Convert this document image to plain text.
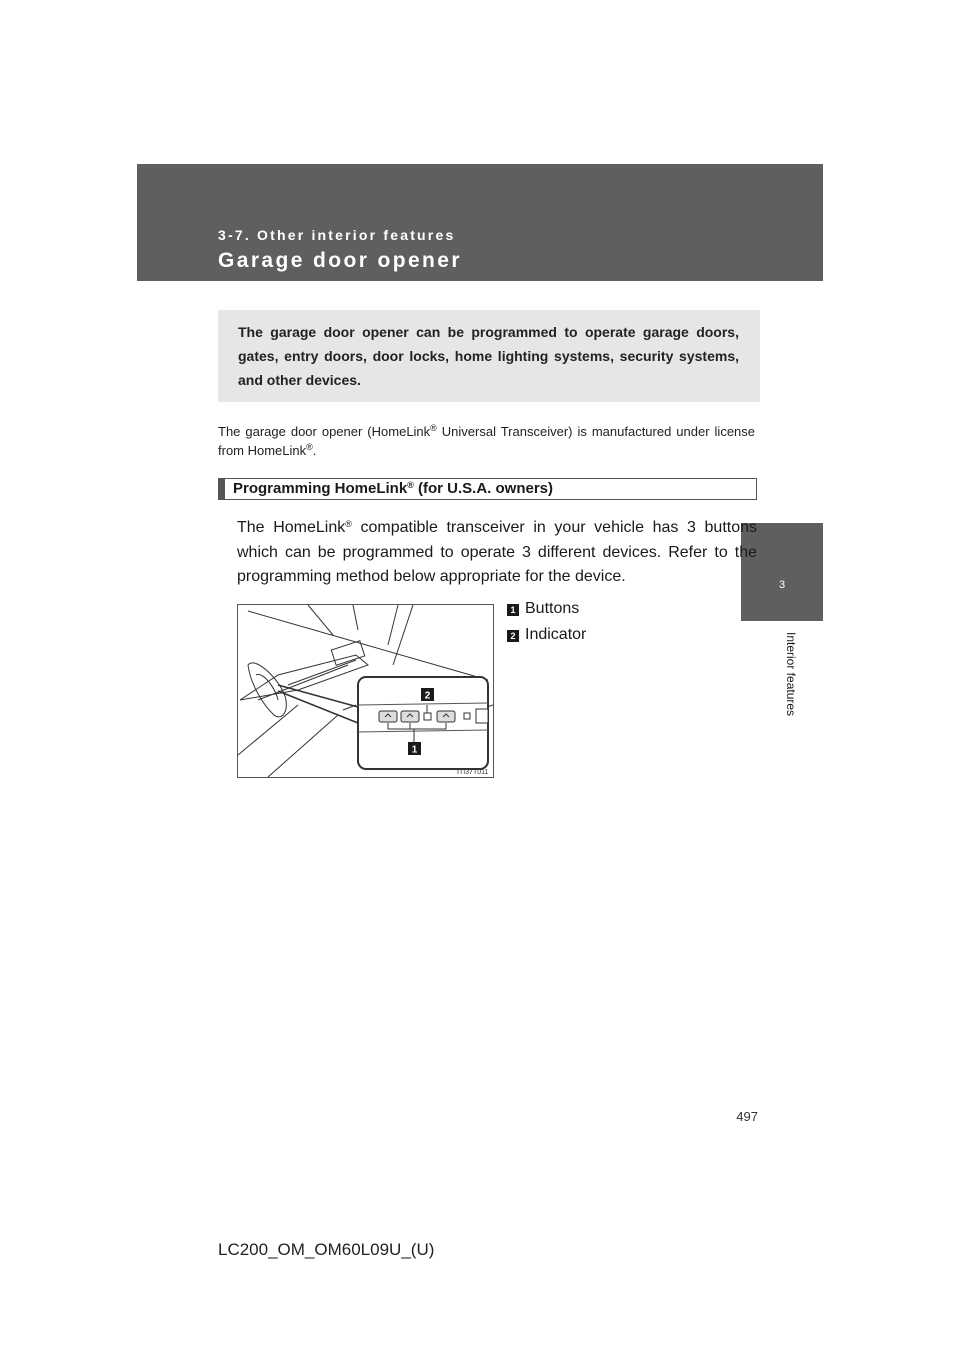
3-7. Other interior features
Garage door opener
3
Interior features
The garage door opener can be programmed to operate garage doors, gates, entry doors, door locks, home lighting systems, security systems, and other devices.
The garage door opener (HomeLink® Universal Transceiver) is manufactured under license from HomeLink®.
Programming HomeLink® (for U.S.A. owners)
The HomeLink® compatible transceiver in your vehicle has 3 buttons which can be programmed to operate 3 different devices. Refer to the programming method below appropriate for the device.
2
1
ITI37T011
1 Buttons
2 Indicator
497
LC200_OM_OM60L09U_(U)
